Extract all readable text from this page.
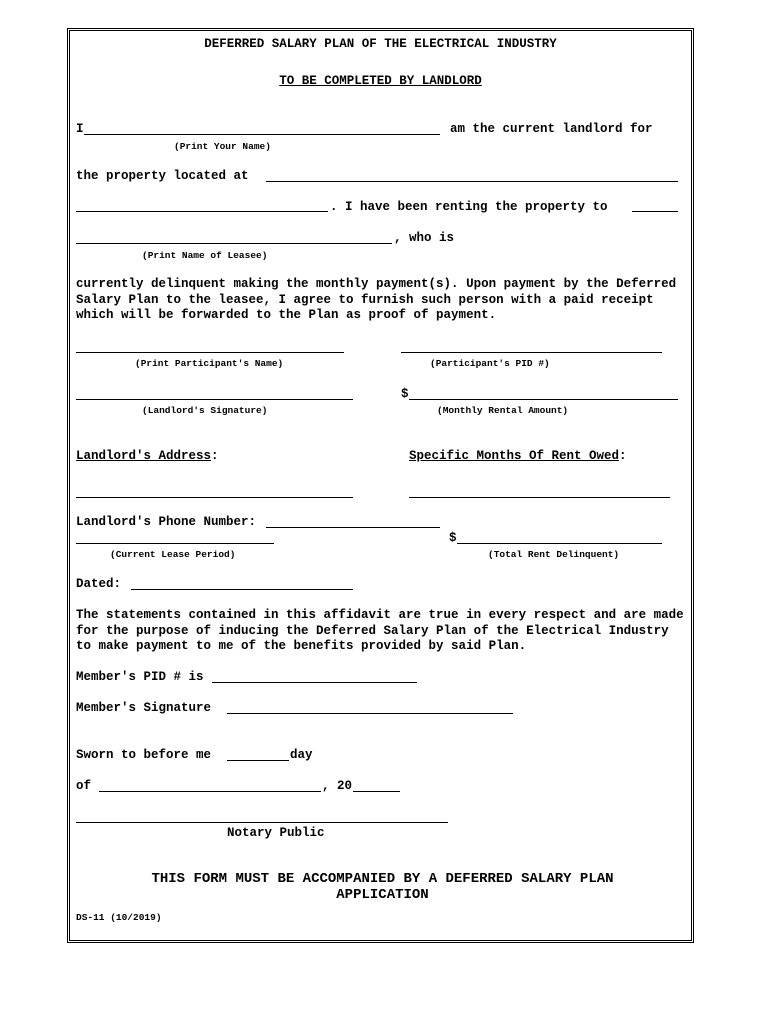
DEFERRED SALARY PLAN OF THE ELECTRICAL INDUSTRY
TO BE COMPLETED BY LANDLORD
I	am the current landlord for
(Print Your Name)
the property located at
. I have been renting the property to
, who is
(Print Name of Leasee)
currently delinquent making the monthly payment(s). Upon payment by the Deferred Salary Plan to the leasee, I agree to furnish such person with a paid receipt which will be forwarded to the Plan as proof of payment.
(Print Participant's Name)	(Participant's PID #)
$
(Landlord's Signature)	(Monthly Rental Amount)
Landlord's Address:	Specific Months Of Rent Owed:
Landlord's Phone Number:
$
(Current Lease Period)	(Total Rent Delinquent)
Dated:
The statements contained in this affidavit are true in every respect and are made for the purpose of inducing the Deferred Salary Plan of the Electrical Industry to make payment to me of the benefits provided by said Plan.
Member's PID # is
Member's Signature
Sworn to before me	day
of	, 20
Notary Public
THIS FORM MUST BE ACCOMPANIED BY A DEFERRED SALARY PLAN APPLICATION
DS-11 (10/2019)
